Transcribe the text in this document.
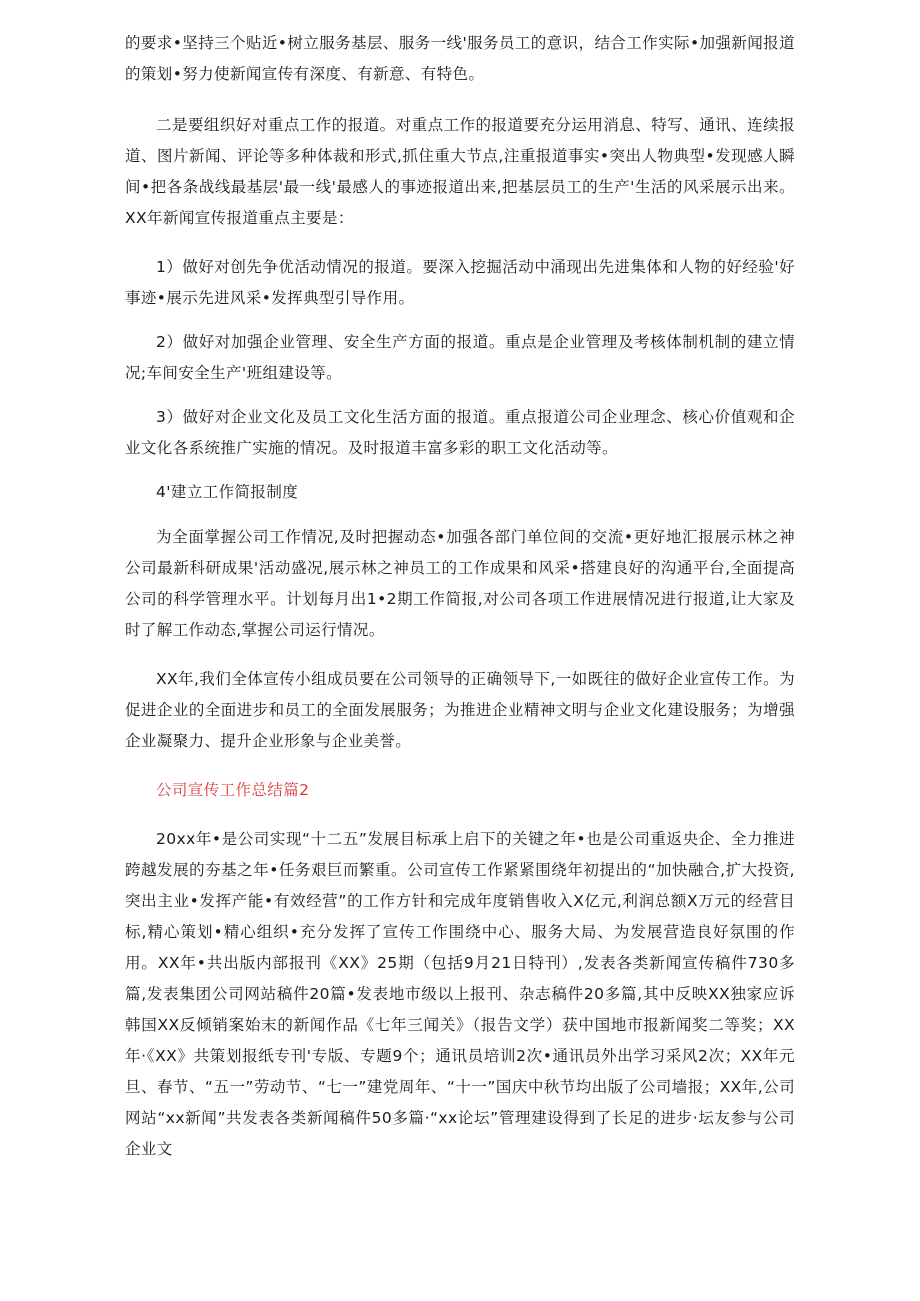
的要求•坚持三个贴近•树立服务基层、服务一线'服务员工的意识，结合工作实际•加强新闻报道的策划•努力使新闻宣传有深度、有新意、有特色。

二是要组织好对重点工作的报道。对重点工作的报道要充分运用消息、特写、通讯、连续报道、图片新闻、评论等多种体裁和形式,抓住重大节点,注重报道事实•突出人物典型•发现感人瞬间•把各条战线最基层'最一线'最感人的事迹报道出来,把基层员工的生产'生活的风采展示出来。XX年新闻宣传报道重点主要是：

1）做好对创先争优活动情况的报道。要深入挖掘活动中涌现出先进集体和人物的好经验'好事迹•展示先进风采•发挥典型引导作用。

2）做好对加强企业管理、安全生产方面的报道。重点是企业管理及考核体制机制的建立情况;车间安全生产'班组建设等。

3）做好对企业文化及员工文化生活方面的报道。重点报道公司企业理念、核心价值观和企业文化各系统推广实施的情况。及时报道丰富多彩的职工文化活动等。

4'建立工作简报制度

为全面掌握公司工作情况,及时把握动态•加强各部门单位间的交流•更好地汇报展示林之神公司最新科研成果'活动盛况,展示林之神员工的工作成果和风采•搭建良好的沟通平台,全面提高公司的科学管理水平。计划每月出1•2期工作简报,对公司各项工作进展情况进行报道,让大家及时了解工作动态,掌握公司运行情况。

XX年,我们全体宣传小组成员要在公司领导的正确领导下,一如既往的做好企业宣传工作。为促进企业的全面进步和员工的全面发展服务；为推进企业精神文明与企业文化建设服务；为增强企业凝聚力、提升企业形象与企业美誉。

公司宣传工作总结篇2

20xx年•是公司实现“十二五”发展目标承上启下的关键之年•也是公司重返央企、全力推进跨越发展的夯基之年•任务艰巨而繁重。公司宣传工作紧紧围绕年初提出的“加快融合,扩大投资,突出主业•发挥产能•有效经营”的工作方针和完成年度销售收入X亿元,利润总额X万元的经营目标,精心策划•精心组织•充分发挥了宣传工作围绕中心、服务大局、为发展营造良好氛围的作用。XX年•共出版内部报刊《XX》25期（包括9月21日特刊）,发表各类新闻宣传稿件730多篇,发表集团公司网站稿件20篇•发表地市级以上报刊、杂志稿件20多篇,其中反映XX独家应诉韩国XX反倾销案始末的新闻作品《七年三闻关》（报告文学）获中国地市报新闻奖二等奖；XX年·《XX》共策划报纸专刊'专版、专题9个；通讯员培训2次•通讯员外出学习采风2次；XX年元旦、春节、“五一”劳动节、“七一”建党周年、“十一”国庆中秋节均出版了公司墙报；XX年,公司网站“xx新闻”共发表各类新闻稿件50多篇·“xx论坛”管理建设得到了长足的进步·坛友参与公司企业文
